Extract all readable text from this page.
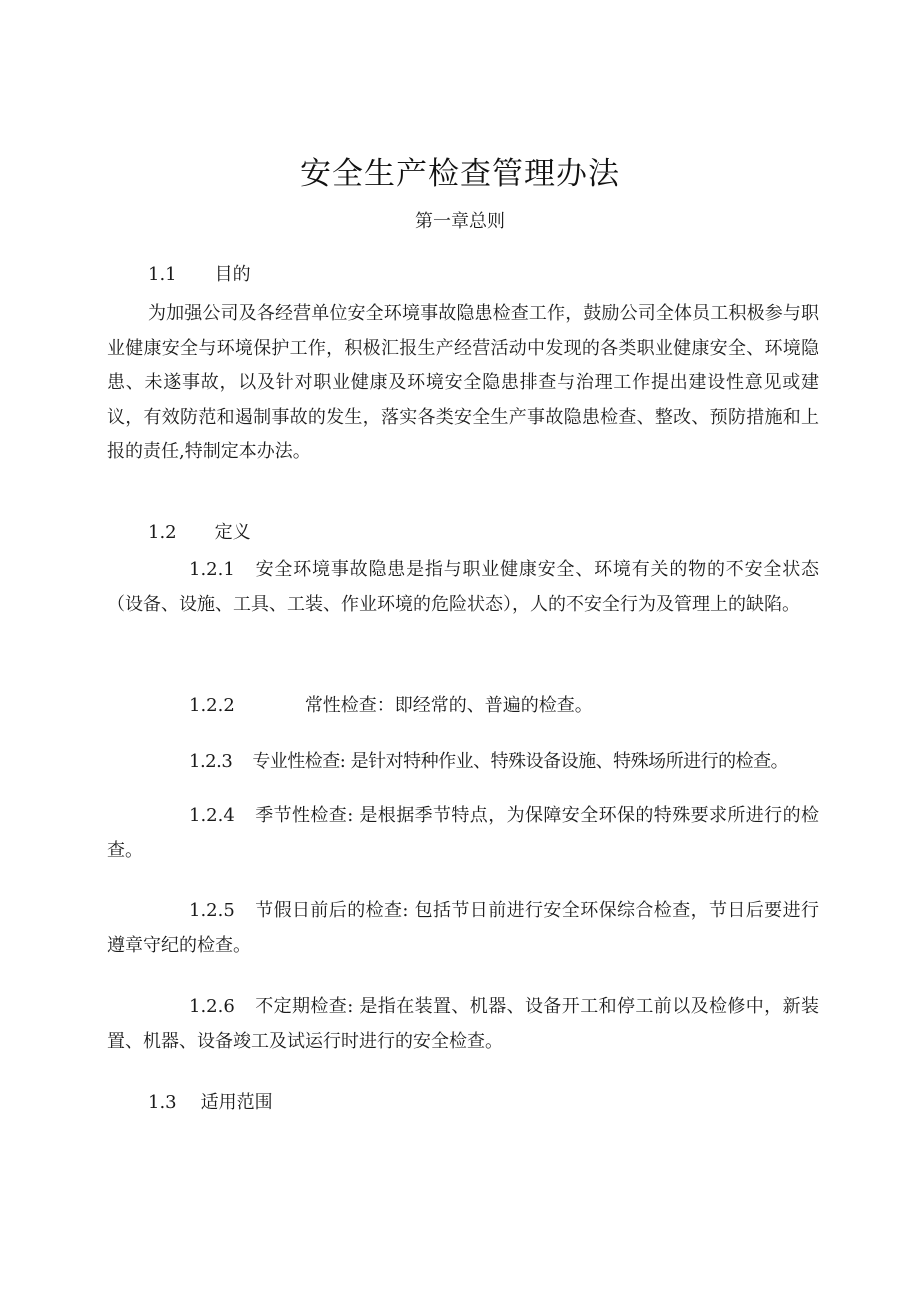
安全生产检查管理办法
第一章总则
1.1 目的

为加强公司及各经营单位安全环境事故隐患检查工作，鼓励公司全体员工积极参与职业健康安全与环境保护工作，积极汇报生产经营活动中发现的各类职业健康安全、环境隐患、未遂事故，以及针对职业健康及环境安全隐患排查与治理工作提出建设性意见或建议，有效防范和遏制事故的发生，落实各类安全生产事故隐患检查、整改、预防措施和上报的责任,特制定本办法。

1.2 定义

1.2.1 安全环境事故隐患是指与职业健康安全、环境有关的物的不安全状态（设备、设施、工具、工装、作业环境的危险状态），人的不安全行为及管理上的缺陷。

1.2.2	常性检查：即经常的、普遍的检查。

1.2.3 专业性检查: 是针对特种作业、特殊设备设施、特殊场所进行的检查。

1.2.4 季节性检查: 是根据季节特点，为保障安全环保的特殊要求所进行的检查。

1.2.5 节假日前后的检查: 包括节日前进行安全环保综合检查，节日后要进行遵章守纪的检查。

1.2.6 不定期检查: 是指在装置、机器、设备开工和停工前以及检修中，新装置、机器、设备竣工及试运行时进行的安全检查。

1.3 适用范围
